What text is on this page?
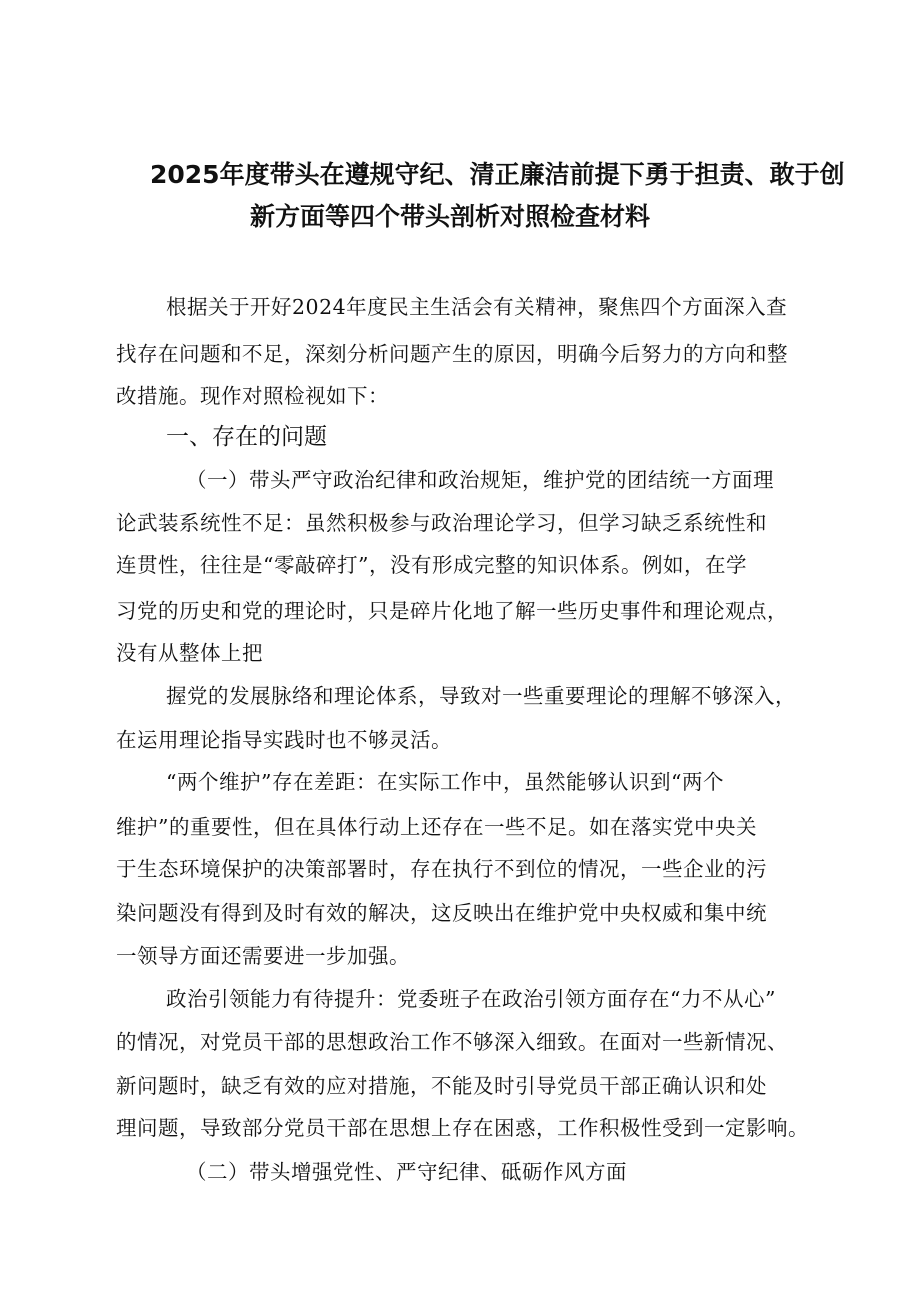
2025年度带头在遵规守纪、清正廉洁前提下勇于担责、敢于创
新方面等四个带头剖析对照检查材料
根据关于开好2024年度民主生活会有关精神，聚焦四个方面深入查
找存在问题和不足，深刻分析问题产生的原因，明确今后努力的方向和整
改措施。现作对照检视如下：
一、存在的问题
（一）带头严守政治纪律和政治规矩，维护党的团结统一方面理
论武装系统性不足：虽然积极参与政治理论学习，但学习缺乏系统性和
连贯性，往往是“零敲碎打”，没有形成完整的知识体系。例如，在学
习党的历史和党的理论时，只是碎片化地了解一些历史事件和理论观点，
没有从整体上把
握党的发展脉络和理论体系，导致对一些重要理论的理解不够深入，
在运用理论指导实践时也不够灵活。
“两个维护”存在差距：在实际工作中，虽然能够认识到“两个
维护”的重要性，但在具体行动上还存在一些不足。如在落实党中央关
于生态环境保护的决策部署时，存在执行不到位的情况，一些企业的污
染问题没有得到及时有效的解决，这反映出在维护党中央权威和集中统
一领导方面还需要进一步加强。
政治引领能力有待提升：党委班子在政治引领方面存在“力不从心”
的情况，对党员干部的思想政治工作不够深入细致。在面对一些新情况、
新问题时，缺乏有效的应对措施，不能及时引导党员干部正确认识和处
理问题，导致部分党员干部在思想上存在困惑，工作积极性受到一定影响。
（二）带头增强党性、严守纪律、砥砺作风方面
